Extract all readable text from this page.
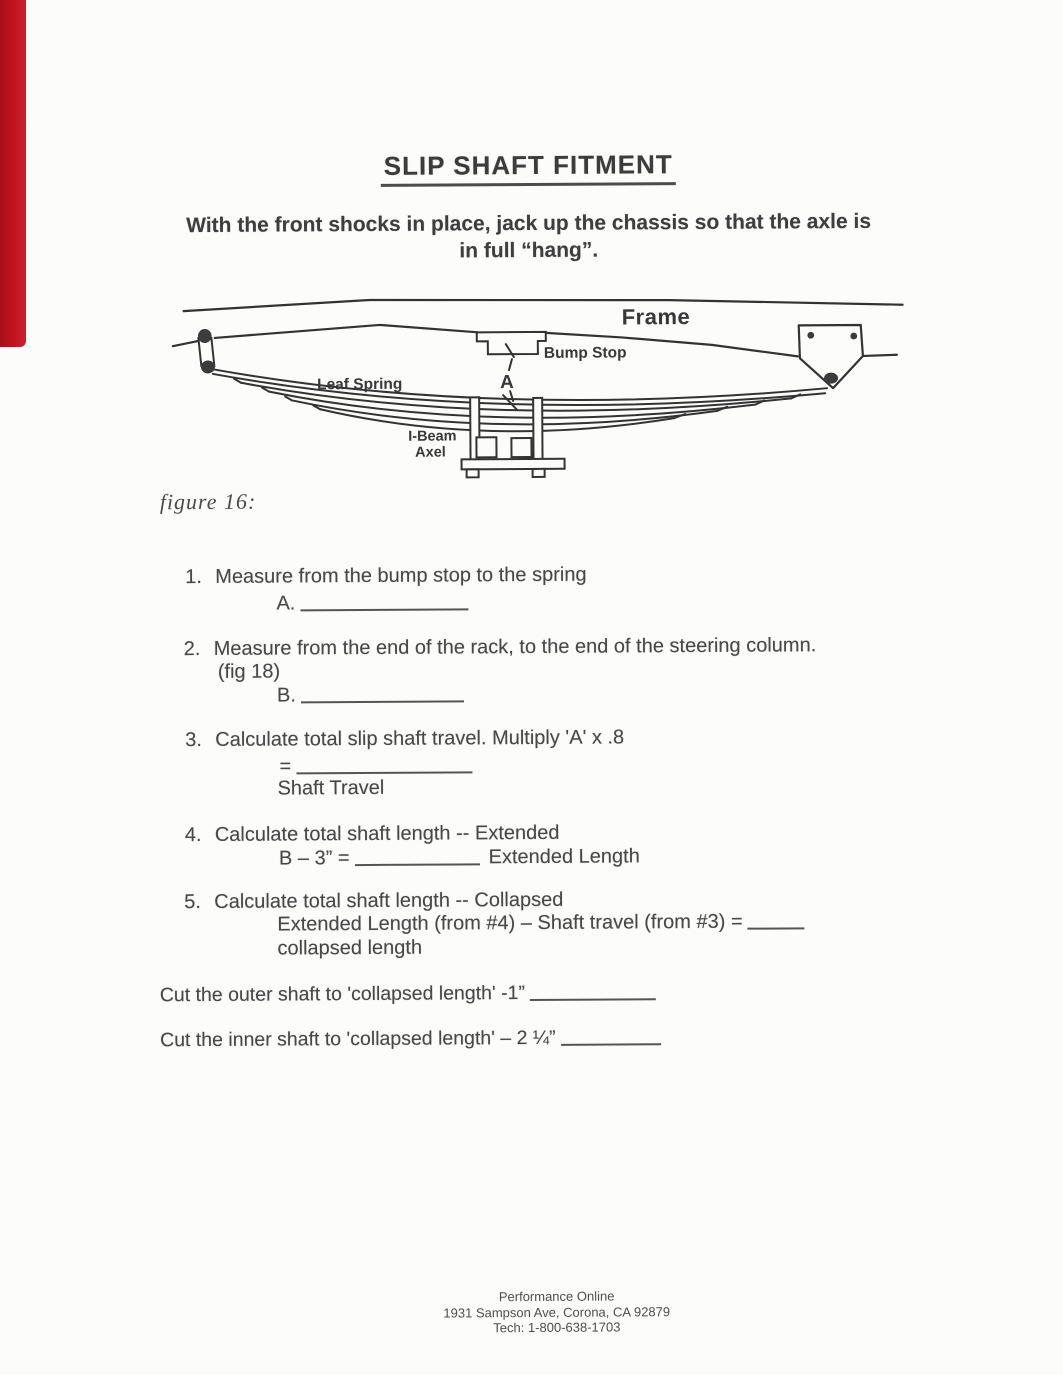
SLIP SHAFT FITMENT
With the front shocks in place, jack up the chassis so that the axle is
in full “hang”.
Frame
Bump Stop
Leaf Spring
I-Beam
Axel
A
figure 16:
1. Measure from the bump stop to the spring
A.
2. Measure from the end of the rack, to the end of the steering column.
(fig 18)
B.
3. Calculate total slip shaft travel. Multiply 'A' x .8
=
Shaft Travel
4. Calculate total shaft length -- Extended
B – 3” =	Extended Length
5. Calculate total shaft length -- Collapsed
Extended Length (from #4) – Shaft travel (from #3) =
collapsed length
Cut the outer shaft to 'collapsed length' -1”
Cut the inner shaft to 'collapsed length' – 2 ¼”
Performance Online
1931 Sampson Ave, Corona, CA 92879
Tech: 1-800-638-1703
